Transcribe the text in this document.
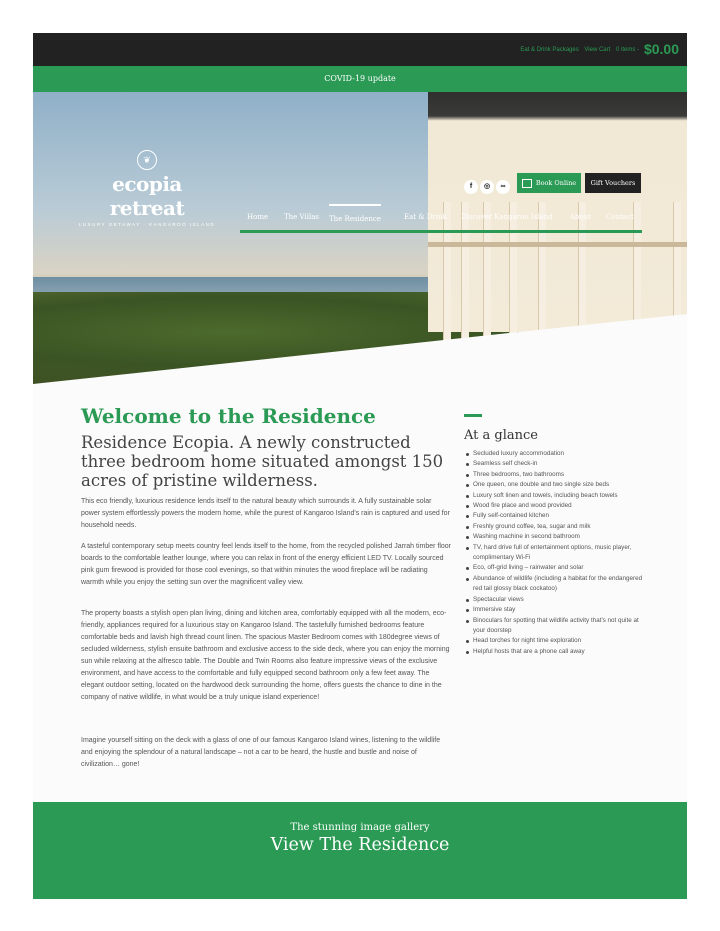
Eat & Drink Packages View Cart 0 items - $0.00
COVID-19 update
❦
ecopia retreat
LUXURY GETAWAY · KANGAROO ISLAND
f ◎ ∞	Book Online	Gift Vouchers
Home The Villas The Residence	Eat & Drink Discover Kangaroo Island About Contact
Welcome to the Residence
Residence Ecopia. A newly constructed three bedroom home situated amongst 150 acres of pristine wilderness.
This eco friendly, luxurious residence lends itself to the natural beauty which surrounds it. A fully sustainable solar power system effortlessly powers the modern home, while the purest of Kangaroo Island's rain is captured and used for household needs.
A tasteful contemporary setup meets country feel lends itself to the home, from the recycled polished Jarrah timber floor boards to the comfortable leather lounge, where you can relax in front of the energy efficient LED TV. Locally sourced pink gum firewood is provided for those cool evenings, so that within minutes the wood fireplace will be radiating warmth while you enjoy the setting sun over the magnificent valley view.
The property boasts a stylish open plan living, dining and kitchen area, comfortably equipped with all the modern, eco-friendly, appliances required for a luxurious stay on Kangaroo Island. The tastefully furnished bedrooms feature comfortable beds and lavish high thread count linen. The spacious Master Bedroom comes with 180degree views of secluded wilderness, stylish ensuite bathroom and exclusive access to the side deck, where you can enjoy the morning sun while relaxing at the alfresco table. The Double and Twin Rooms also feature impressive views of the exclusive environment, and have access to the comfortable and fully equipped second bathroom only a few feet away. The elegant outdoor setting, located on the hardwood deck surrounding the home, offers guests the chance to dine in the company of native wildlife, in what would be a truly unique island experience!
Imagine yourself sitting on the deck with a glass of one of our famous Kangaroo Island wines, listening to the wildlife and enjoying the splendour of a natural landscape – not a car to be heard, the hustle and bustle and noise of civilization… gone!
At a glance
Secluded luxury accommodation
Seamless self check-in
Three bedrooms, two bathrooms
One queen, one double and two single size beds
Luxury soft linen and towels, including beach towels
Wood fire place and wood provided
Fully self-contained kitchen
Freshly ground coffee, tea, sugar and milk
Washing machine in second bathroom
TV, hard drive full of entertainment options, music player, complimentary Wi-Fi
Eco, off-grid living – rainwater and solar
Abundance of wildlife (including a habitat for the endangered red tail glossy black cockatoo)
Spectacular views
Immersive stay
Binoculars for spotting that wildlife activity that's not quite at your doorstep
Head torches for night time exploration
Helpful hosts that are a phone call away
The stunning image gallery
View The Residence
